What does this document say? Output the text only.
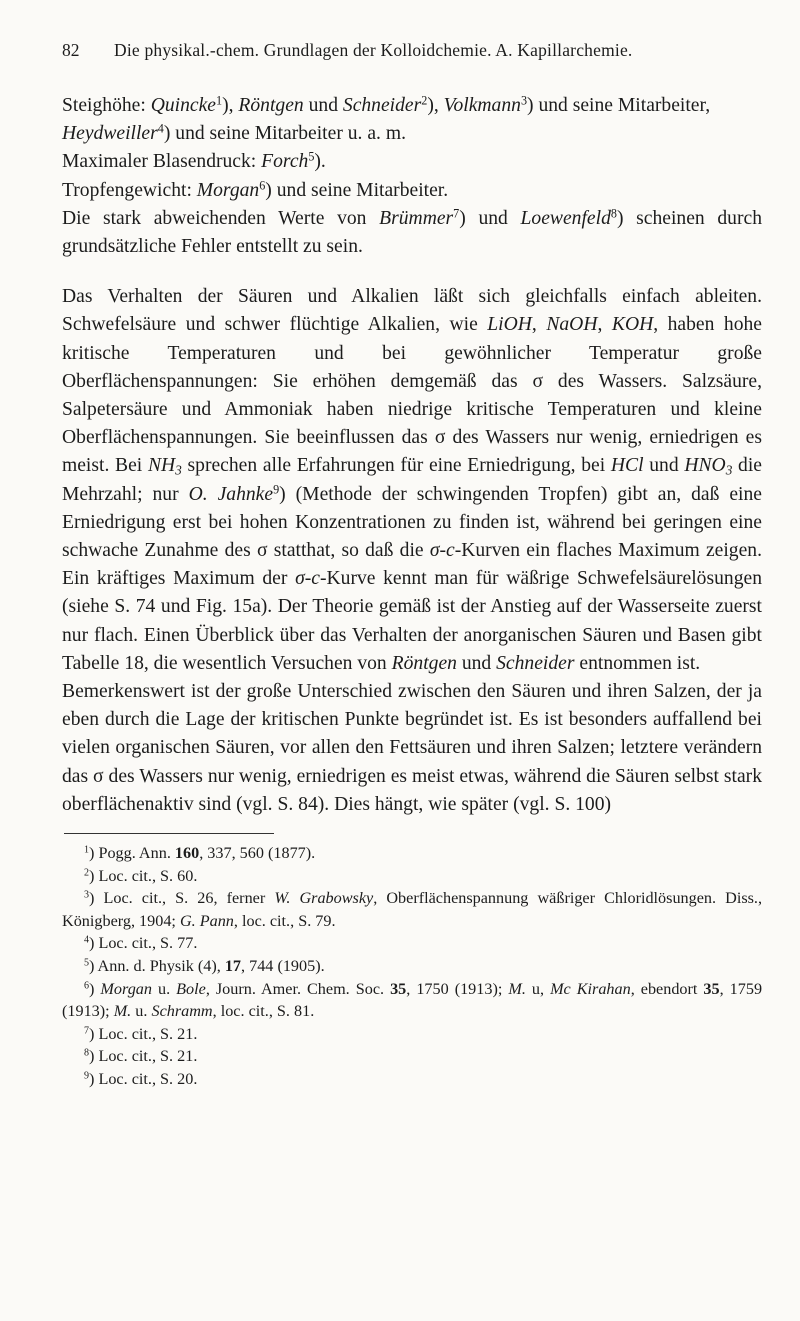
82	Die physikal.-chem. Grundlagen der Kolloidchemie. A. Kapillarchemie.

Steighöhe: Quincke$^1$), Röntgen und Schneider$^2$), Volkmann$^3$) und seine Mitarbeiter, Heydweiller$^4$) und seine Mitarbeiter u. a. m.

Maximaler Blasendruck: Forch$^5$).

Tropfengewicht: Morgan$^6$) und seine Mitarbeiter.

Die stark abweichenden Werte von Brümmer$^7$) und Loewenfeld$^8$) scheinen durch grundsätzliche Fehler entstellt zu sein.

Das Verhalten der Säuren und Alkalien läßt sich gleichfalls einfach ableiten. Schwefelsäure und schwer flüchtige Alkalien, wie LiOH, NaOH, KOH, haben hohe kritische Temperaturen und bei gewöhnlicher Temperatur große Oberflächenspannungen: Sie erhöhen demgemäß das σ des Wassers. Salzsäure, Salpetersäure und Ammoniak haben niedrige kritische Temperaturen und kleine Oberflächenspannungen. Sie beeinflussen das σ des Wassers nur wenig, erniedrigen es meist. Bei $NH_3$ sprechen alle Erfahrungen für eine Erniedrigung, bei HCl und $HNO_3$ die Mehrzahl; nur O. Jahnke$^9$) (Methode der schwingenden Tropfen) gibt an, daß eine Erniedrigung erst bei hohen Konzentrationen zu finden ist, während bei geringen eine schwache Zunahme des σ statthat, so daß die σ-c-Kurven ein flaches Maximum zeigen. Ein kräftiges Maximum der σ-c-Kurve kennt man für wäßrige Schwefelsäurelösungen (siehe S. 74 und Fig. 15a). Der Theorie gemäß ist der Anstieg auf der Wasserseite zuerst nur flach. Einen Überblick über das Verhalten der anorganischen Säuren und Basen gibt Tabelle 18, die wesentlich Versuchen von Röntgen und Schneider entnommen ist.

Bemerkenswert ist der große Unterschied zwischen den Säuren und ihren Salzen, der ja eben durch die Lage der kritischen Punkte begründet ist. Es ist besonders auffallend bei vielen organischen Säuren, vor allen den Fettsäuren und ihren Salzen; letztere verändern das σ des Wassers nur wenig, erniedrigen es meist etwas, während die Säuren selbst stark oberflächenaktiv sind (vgl. S. 84). Dies hängt, wie später (vgl. S. 100)

$^1$) Pogg. Ann. 160, 337, 560 (1877).

$^2$) Loc. cit., S. 60.

$^3$) Loc. cit., S. 26, ferner W. Grabowsky, Oberflächenspannung wäßriger Chloridlösungen. Diss., Königberg, 1904; G. Pann, loc. cit., S. 79.

$^4$) Loc. cit., S. 77.

$^5$) Ann. d. Physik (4), 17, 744 (1905).

$^6$) Morgan u. Bole, Journ. Amer. Chem. Soc. 35, 1750 (1913); M. u, Mc Kirahan, ebendort 35, 1759 (1913); M. u. Schramm, loc. cit., S. 81.

$^7$) Loc. cit., S. 21.

$^8$) Loc. cit., S. 21.

$^9$) Loc. cit., S. 20.
